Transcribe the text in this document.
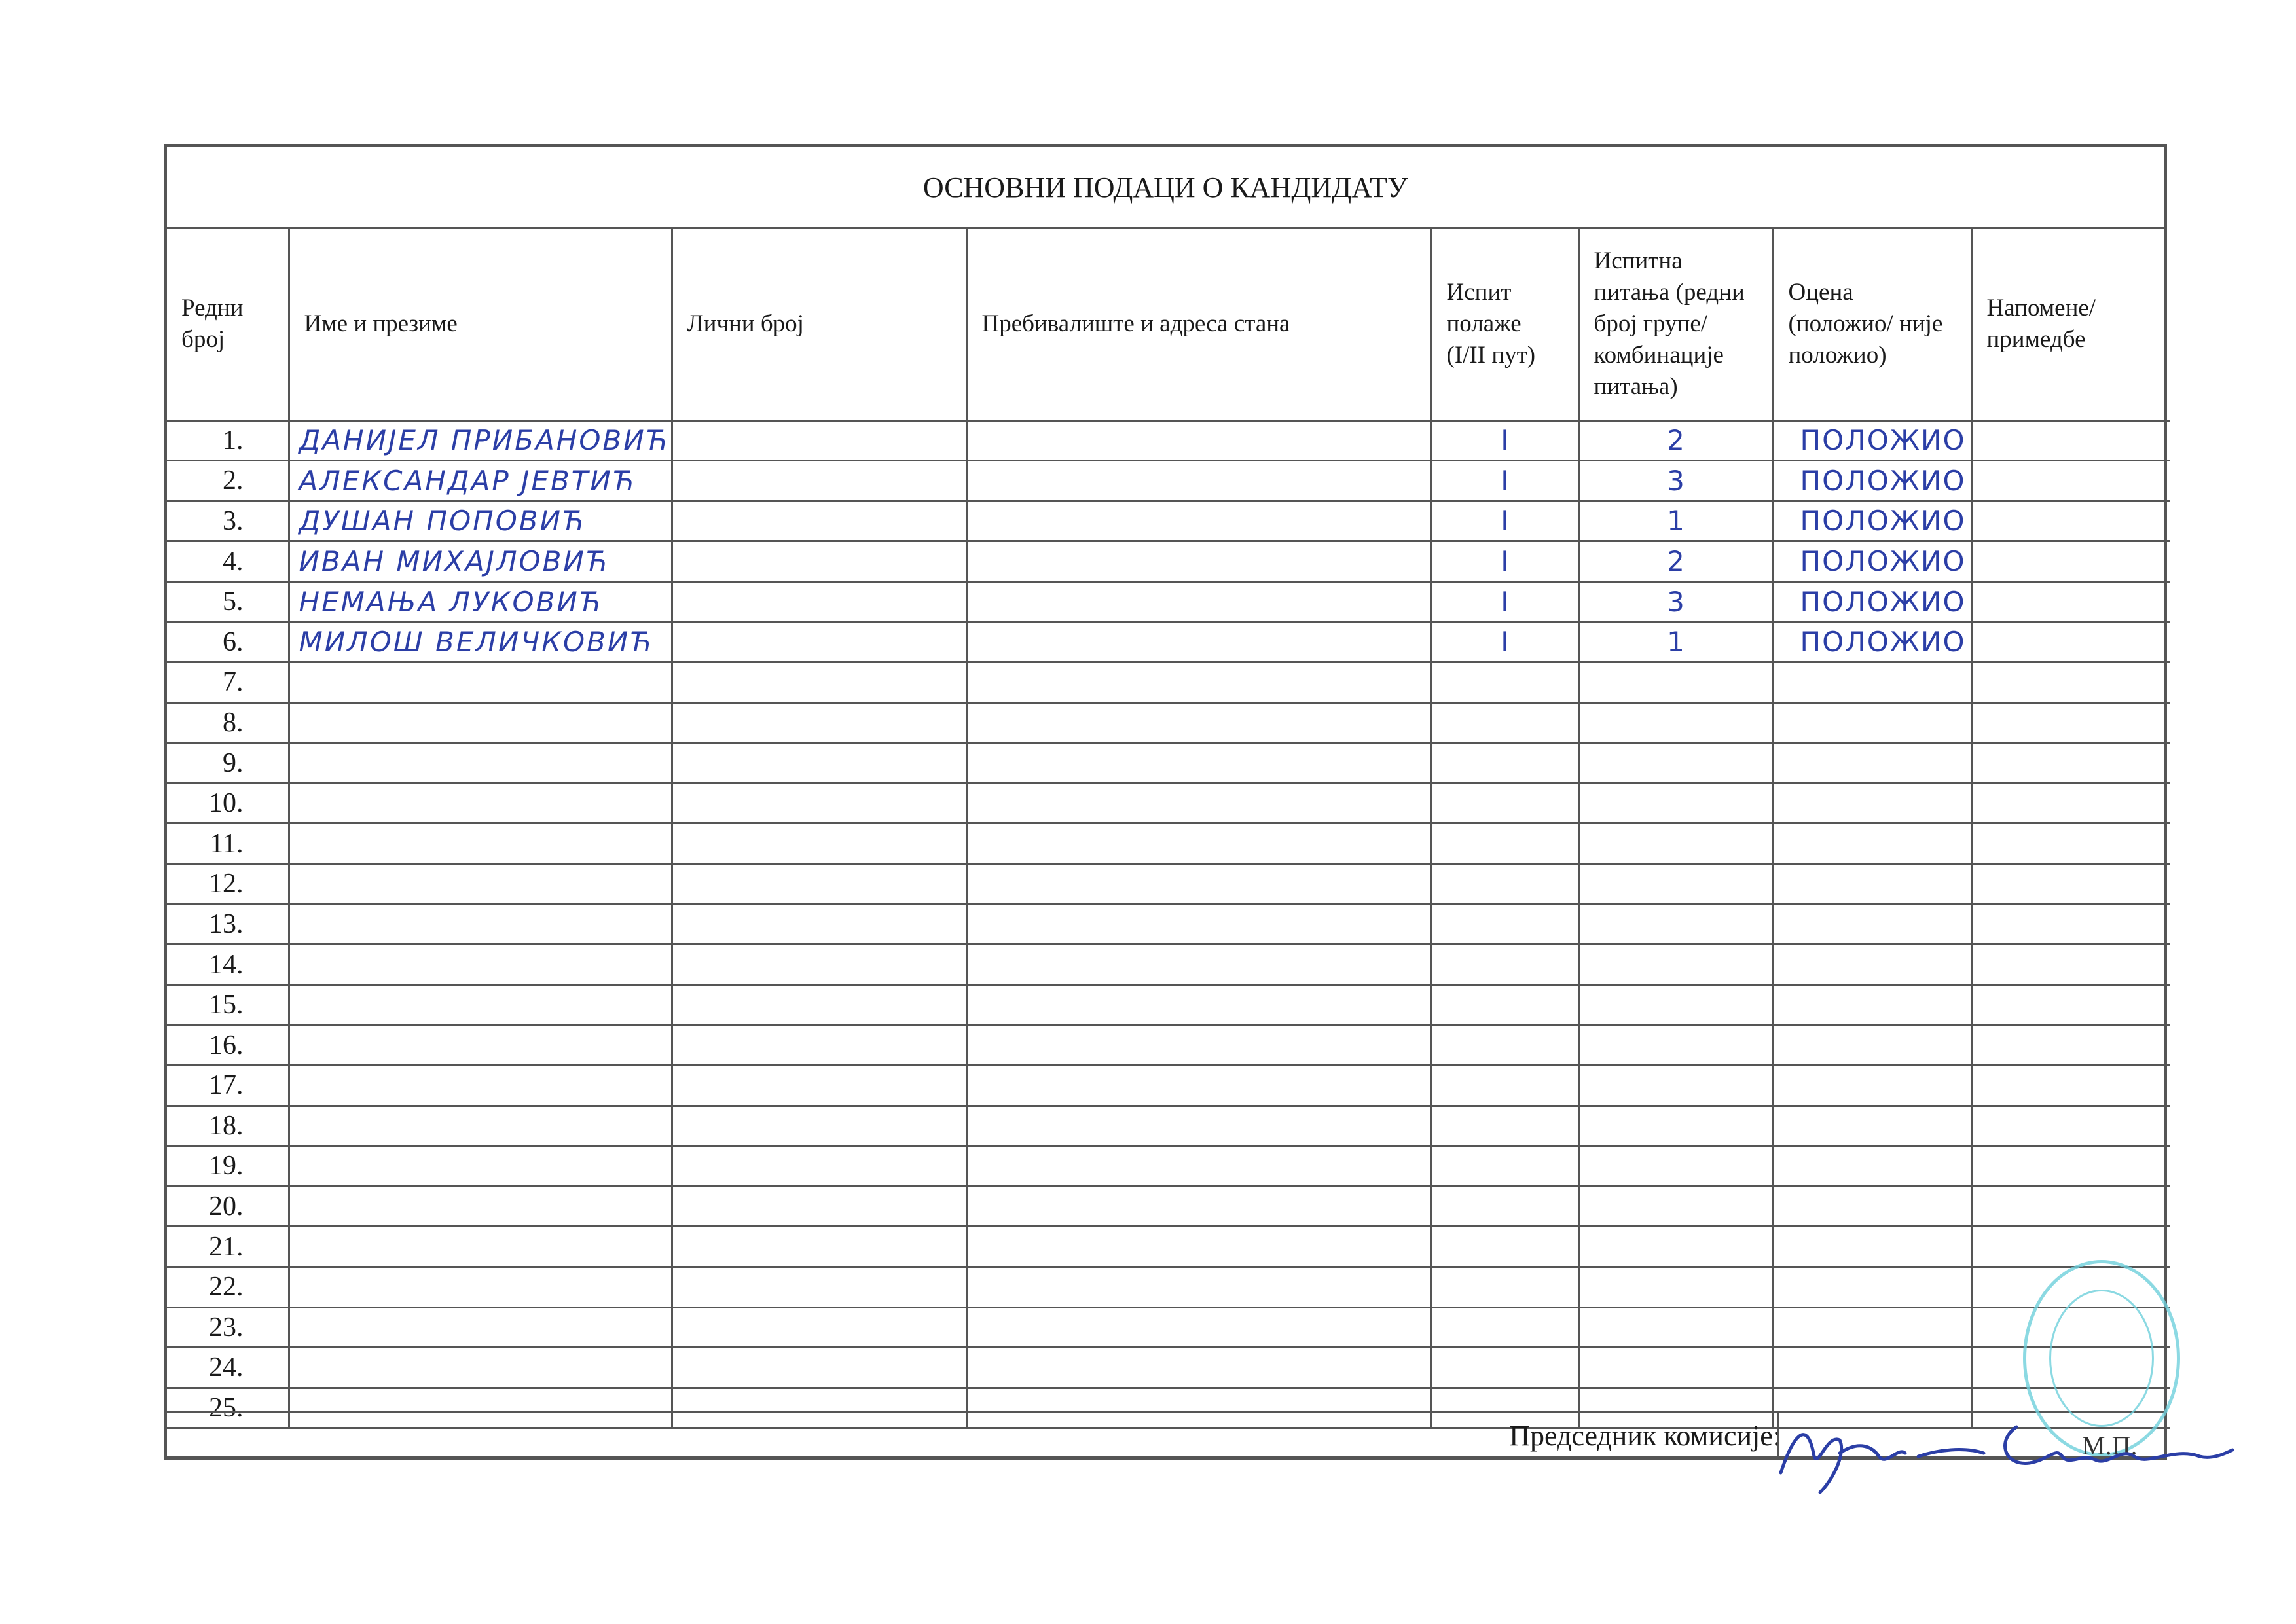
ОСНОВНИ ПОДАЦИ О КАНДИДАТУ
Редни број	Име и презиме	Лични број	Пребивалиште и адреса стана	Испит полаже (I/II пут)	Испитна питања (редни број групе/ комбинације питања)	Оцена (положио/ није положио)	Напомене/ примедбе
1.	ДАНИЈЕЛ ПРИБАНОВИЋ			I	2	ПОЛОЖИО	
2.	АЛЕКСАНДАР ЈЕВТИЋ			I	3	ПОЛОЖИО	
3.	ДУШАН ПОПОВИЋ			I	1	ПОЛОЖИО	
4.	ИВАН МИХАЈЛОВИЋ			I	2	ПОЛОЖИО	
5.	НЕМАЊА ЛУКОВИЋ			I	3	ПОЛОЖИО	
6.	МИЛОШ ВЕЛИЧКОВИЋ			I	1	ПОЛОЖИО	
7.							
8.							
9.							
10.							
11.							
12.							
13.							
14.							
15.							
16.							
17.							
18.							
19.							
20.							
21.							
22.							
23.							
24.							
25.							
Председник комисије:	М.П.
